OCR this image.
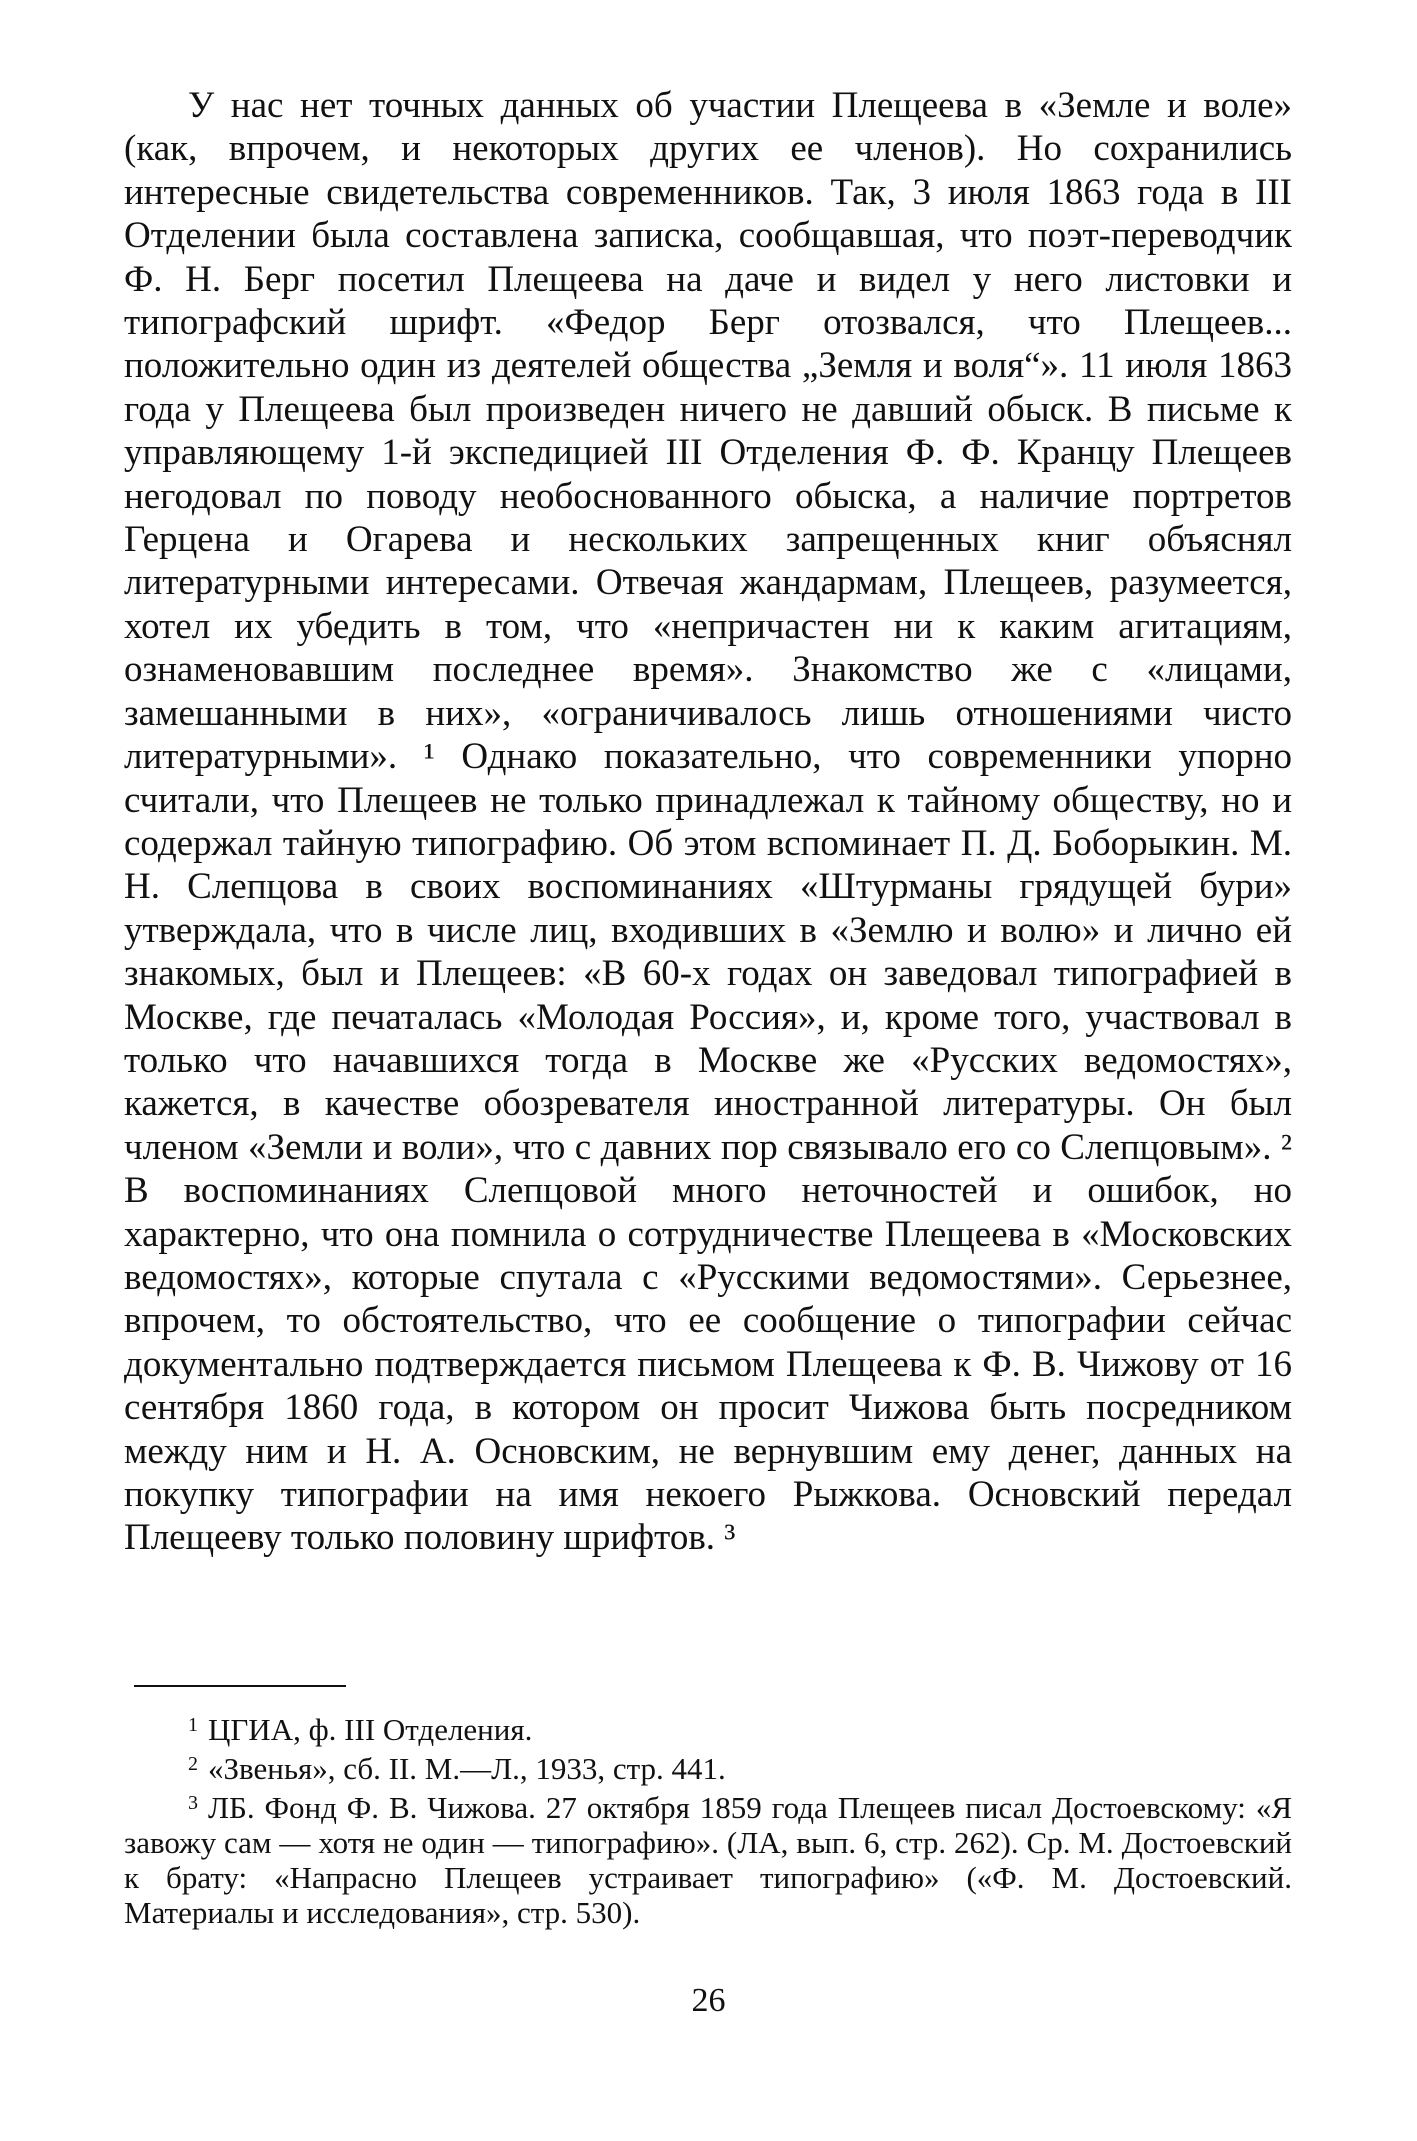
У нас нет точных данных об участии Плещеева в «Земле и воле» (как, впрочем, и некоторых других ее членов). Но сохранились интересные свидетельства современников. Так, 3 июля 1863 года в III Отделении была составлена записка, сообщавшая, что поэт-переводчик Ф. Н. Берг посетил Плещеева на даче и видел у него листовки и типографский шрифт. «Федор Берг отозвался, что Плещеев... положительно один из деятелей общества „Земля и воля“». 11 июля 1863 года у Плещеева был произведен ничего не давший обыск. В письме к управляющему 1-й экспедицией III Отделения Ф. Ф. Кранцу Плещеев негодовал по поводу необоснованного обыска, а наличие портретов Герцена и Огарева и нескольких запрещенных книг объяснял литературными интересами. Отвечая жандармам, Плещеев, разумеется, хотел их убедить в том, что «непричастен ни к каким агитациям, ознаменовавшим последнее время». Знакомство же с «лицами, замешанными в них», «ограничивалось лишь отношениями чисто литературными». ¹ Однако показательно, что современники упорно считали, что Плещеев не только принадлежал к тайному обществу, но и содержал тайную типографию. Об этом вспоминает П. Д. Боборыкин. М. Н. Слепцова в своих воспоминаниях «Штурманы грядущей бури» утверждала, что в числе лиц, входивших в «Землю и волю» и лично ей знакомых, был и Плещеев: «В 60-х годах он заведовал типографией в Москве, где печаталась «Молодая Россия», и, кроме того, участвовал в только что начавшихся тогда в Москве же «Русских ведомостях», кажется, в качестве обозревателя иностранной литературы. Он был членом «Земли и воли», что с давних пор связывало его со Слепцовым». ² В воспоминаниях Слепцовой много неточностей и ошибок, но характерно, что она помнила о сотрудничестве Плещеева в «Московских ведомостях», которые спутала с «Русскими ведомостями». Серьезнее, впрочем, то обстоятельство, что ее сообщение о типографии сейчас документально подтверждается письмом Плещеева к Ф. В. Чижову от 16 сентября 1860 года, в котором он просит Чижова быть посредником между ним и Н. А. Основским, не вернувшим ему денег, данных на покупку типографии на имя некоего Рыжкова. Основский передал Плещееву только половину шрифтов. ³

$^1$ ЦГИА, ф. III Отделения.

$^2$ «Звенья», сб. II. М.—Л., 1933, стр. 441.

$^3$ ЛБ. Фонд Ф. В. Чижова. 27 октября 1859 года Плещеев писал Достоевскому: «Я завожу сам — хотя не один — типографию». (ЛА, вып. 6, стр. 262). Ср. М. Достоевский к брату: «Напрасно Плещеев устраивает типографию» («Ф. М. Достоевский. Материалы и исследования», стр. 530).

26
